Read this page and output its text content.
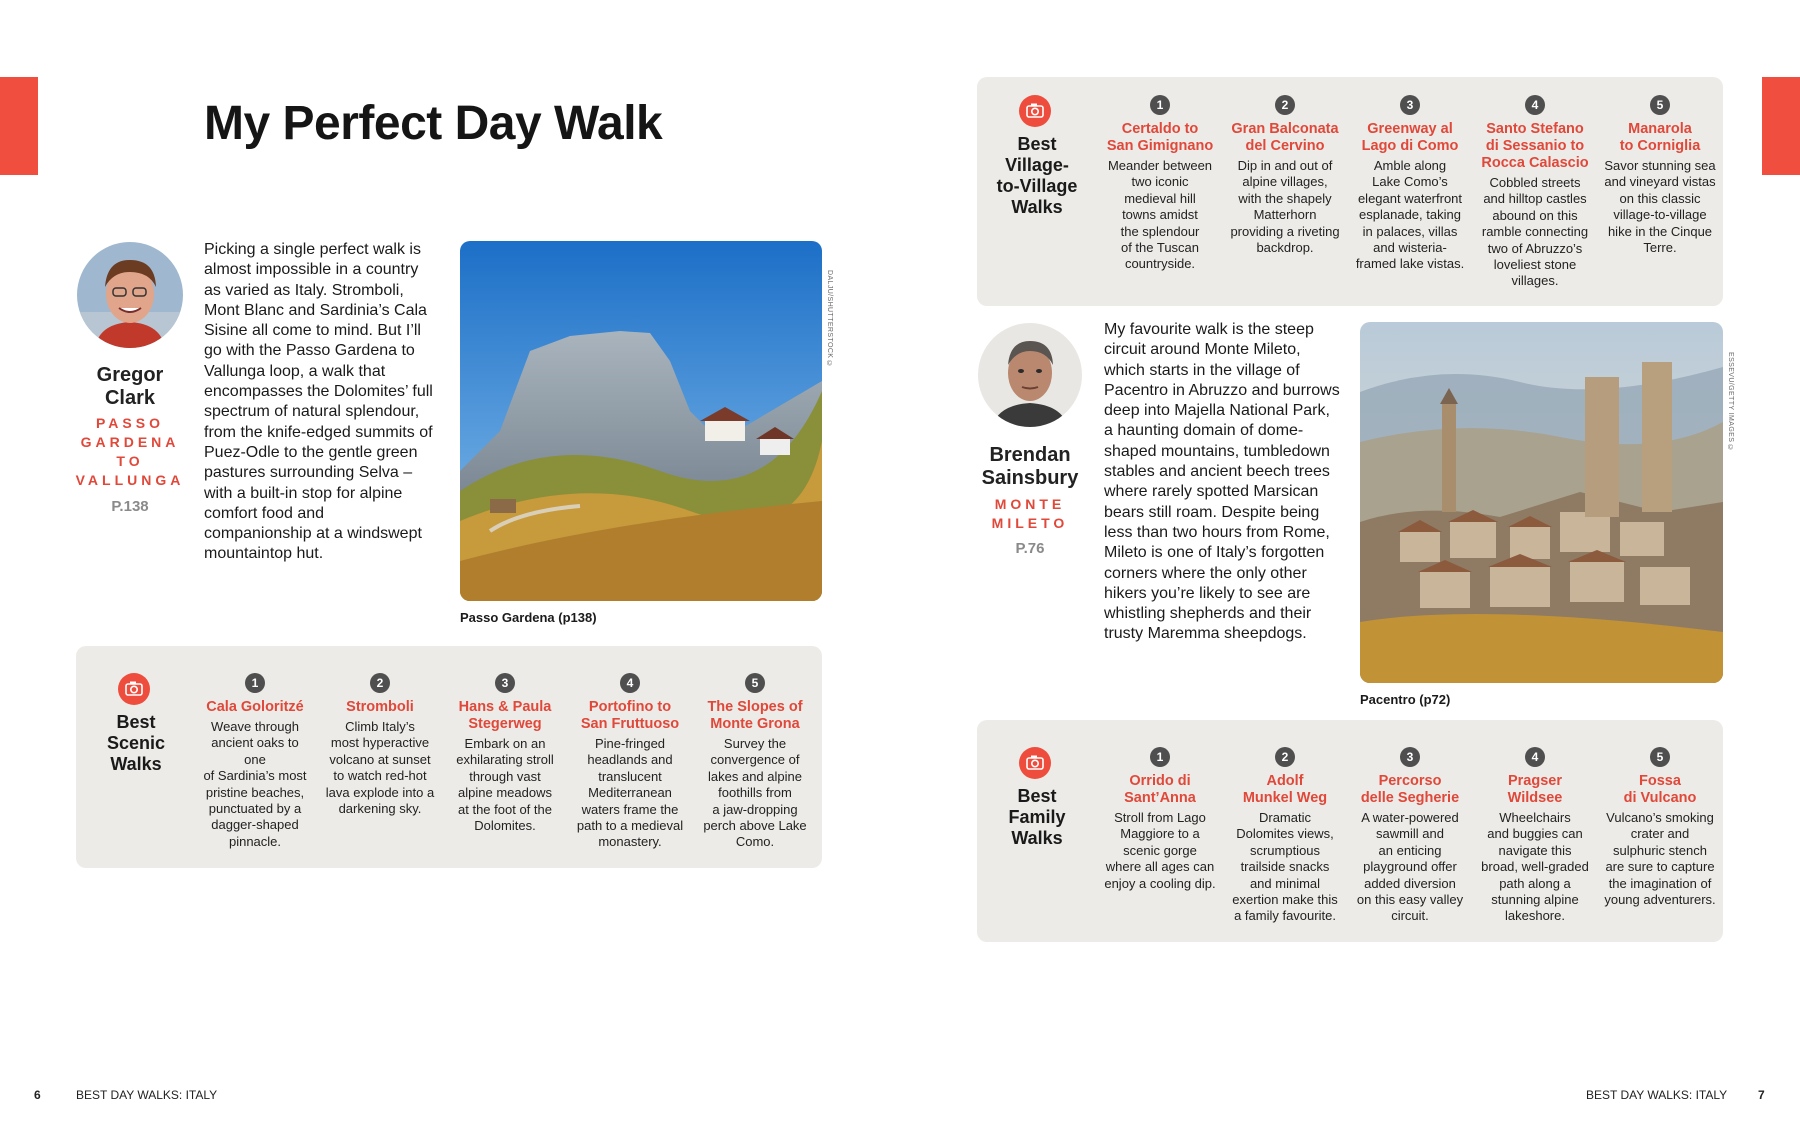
My Perfect Day Walk
Gregor
Clark
PASSO GARDENA TO VALLUNGA
P.138
Picking a single perfect walk is almost impossible in a country as varied as Italy. Stromboli, Mont Blanc and Sardinia’s Cala Sisine all come to mind. But I’ll go with the Passo Gardena to Vallunga loop, a walk that encompasses the Dolomites’ full spectrum of natural splendour, from the knife-edged summits of Puez-Odle to the gentle green pastures surrounding Selva – with a built-in stop for alpine comfort food and companionship at a windswept mountaintop hut.
DALJU/SHUTTERSTOCK ©
Passo Gardena (p138)
Best
Scenic
Walks
1
Cala Goloritzé
Weave through
ancient oaks to one
of Sardinia’s most
pristine beaches,
punctuated by a
dagger-shaped
pinnacle.
2
Stromboli
Climb Italy’s
most hyperactive
volcano at sunset
to watch red-hot
lava explode into a
darkening sky.
3
Hans & Paula
Stegerweg
Embark on an
exhilarating stroll
through vast
alpine meadows
at the foot of the
Dolomites.
4
Portofino to
San Fruttuoso
Pine-fringed
headlands and
translucent
Mediterranean
waters frame the
path to a medieval
monastery.
5
The Slopes of
Monte Grona
Survey the
convergence of
lakes and alpine
foothills from
a jaw-dropping
perch above Lake
Como.
Best
Village-
to-Village
Walks
1
Certaldo to
San Gimignano
Meander between
two iconic
medieval hill
towns amidst
the splendour
of the Tuscan
countryside.
2
Gran Balconata
del Cervino
Dip in and out of
alpine villages,
with the shapely
Matterhorn
providing a riveting
backdrop.
3
Greenway al
Lago di Como
Amble along
Lake Como’s
elegant waterfront
esplanade, taking
in palaces, villas
and wisteria-
framed lake vistas.
4
Santo Stefano
di Sessanio to
Rocca Calascio
Cobbled streets
and hilltop castles
abound on this
ramble connecting
two of Abruzzo’s
loveliest stone
villages.
5
Manarola
to Corniglia
Savor stunning sea
and vineyard vistas
on this classic
village-to-village
hike in the Cinque
Terre.
Brendan
Sainsbury
MONTE MILETO
P.76
My favourite walk is the steep circuit around Monte Mileto, which starts in the village of Pacentro in Abruzzo and burrows deep into Majella National Park, a haunting domain of dome-shaped mountains, tumbledown stables and ancient beech trees where rarely spotted Marsican bears still roam. Despite being less than two hours from Rome, Mileto is one of Italy’s forgotten corners where the only other hikers you’re likely to see are whistling shepherds and their trusty Maremma sheepdogs.
ESSEVU/GETTY IMAGES ©
Pacentro (p72)
Best
Family
Walks
1
Orrido di
Sant’Anna
Stroll from Lago
Maggiore to a
scenic gorge
where all ages can
enjoy a cooling dip.
2
Adolf
Munkel Weg
Dramatic
Dolomites views,
scrumptious
trailside snacks
and minimal
exertion make this
a family favourite.
3
Percorso
delle Segherie
A water-powered
sawmill and
an enticing
playground offer
added diversion
on this easy valley
circuit.
4
Pragser
Wildsee
Wheelchairs
and buggies can
navigate this
broad, well-graded
path along a
stunning alpine
lakeshore.
5
Fossa
di Vulcano
Vulcano’s smoking
crater and
sulphuric stench
are sure to capture
the imagination of
young adventurers.
6	BEST DAY WALKS: ITALY	BEST DAY WALKS: ITALY	7
